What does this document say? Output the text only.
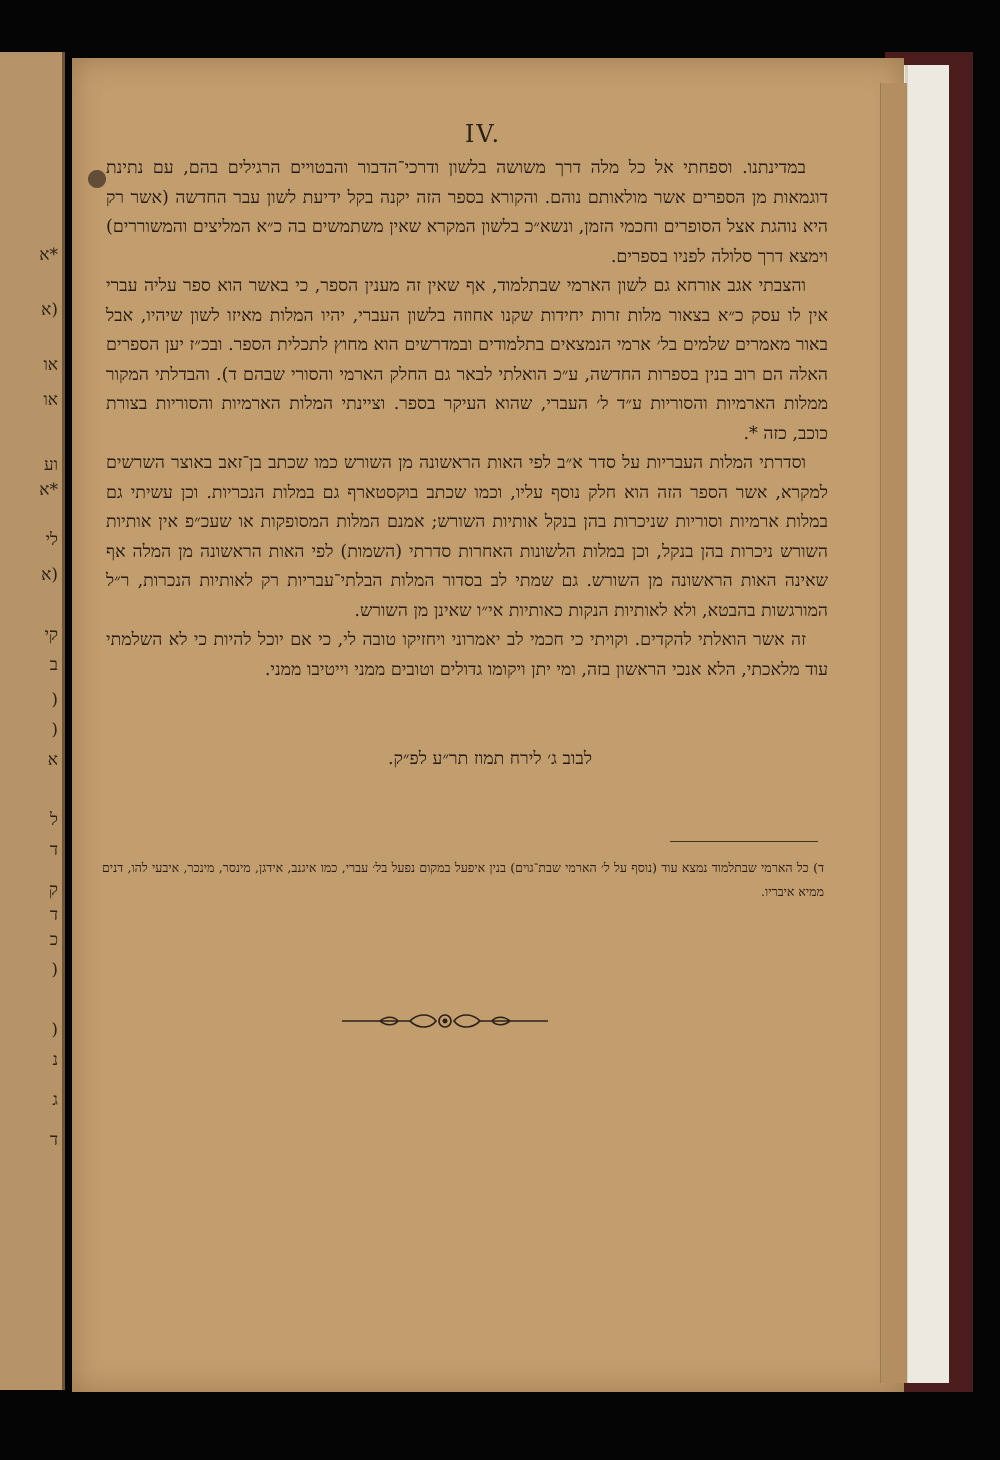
*א
(א
או
או
וע
*א
לי
(א
קי
ב
(
(
א
ל
ד
ק
ד
כ
(
(
נ
ג
ד
IV.

במדינתנו. וספחתי אל כל מלה דרך משושה בלשון ודרכי־הדבור והבטויים הרגילים בהם, עם נתינת דוגמאות מן הספרים אשר מולאותם נוהם. והקורא בספר הזה יקנה בקל ידיעת לשון עבר החדשה (אשר רק היא נוהגת אצל הסופרים וחכמי הזמן, ונשא״כ בלשון המקרא שאין משתמשים בה כ״א המליצים והמשוררים) וימצא דרך סלולה לפניו בספרים.

והצבתי אגב אורחא גם לשון הארמי שבתלמוד, אף שאין זה מענין הספר, כי באשר הוא ספר עליה עברי אין לו עסק כ״א בצאור מלות זרות יחידות שקנו אחוזה בלשון העברי, יהיו המלות מאיזו לשון שיהיו, אבל באור מאמרים שלמים בל׳ ארמי הנמצאים בתלמודים ובמדרשים הוא מחוץ לתכלית הספר. ובכ״ז יען הספרים האלה הם רוב בנין בספרות החדשה, ע״כ הואלתי לבאר גם החלק הארמי והסורי שבהם ד). והבדלתי המקור ממלות הארמיות והסוריות ע״ד ל׳ העברי, שהוא העיקר בספר. וציינתי המלות הארמיות והסוריות בצורת כוכב, כזה *.

וסדרתי המלות העבריות על סדר א״ב לפי האות הראשונה מן השורש כמו שכתב בן־זאב באוצר השרשים למקרא, אשר הספר הזה הוא חלק נוסף עליו, וכמו שכתב בוקסטארף גם במלות הנכריות. וכן עשיתי גם במלות ארמיות וסוריות שניכרות בהן בנקל אותיות השורש; אמנם המלות המסופקות או שעכ״פ אין אותיות השורש ניכרות בהן בנקל, וכן במלות הלשונות האחרות סדרתי (השמות) לפי האות הראשונה מן המלה אף שאינה האות הראשונה מן השורש. גם שמתי לב בסדור המלות הבלתי־עבריות רק לאותיות הנכרות, ר״ל המורגשות בהבטא, ולא לאותיות הנקות כאותיות אי״ו שאינן מן השורש.

זה אשר הואלתי להקדים. וקויתי כי חכמי לב יאמרוני ויחזיקו טובה לי, כי אם יוכל להיות כי לא השלמתי עוד מלאכתי, הלא אנכי הראשון בזה, ומי יתן ויקומו גדולים וטובים ממני וייטיבו ממני.

לבוב ג׳ לירח תמוז תר״ע לפ״ק.
ד) כל הארמי שבתלמוד נמצא עוד (נוסף על ל׳ הארמי שבת־גוים) בנין איפעל במקום נפעל בל׳ עברי, כמו איגנב, אידגן, מינסר, מינכר, איבעי להו, דנים ממיא איבריו.
